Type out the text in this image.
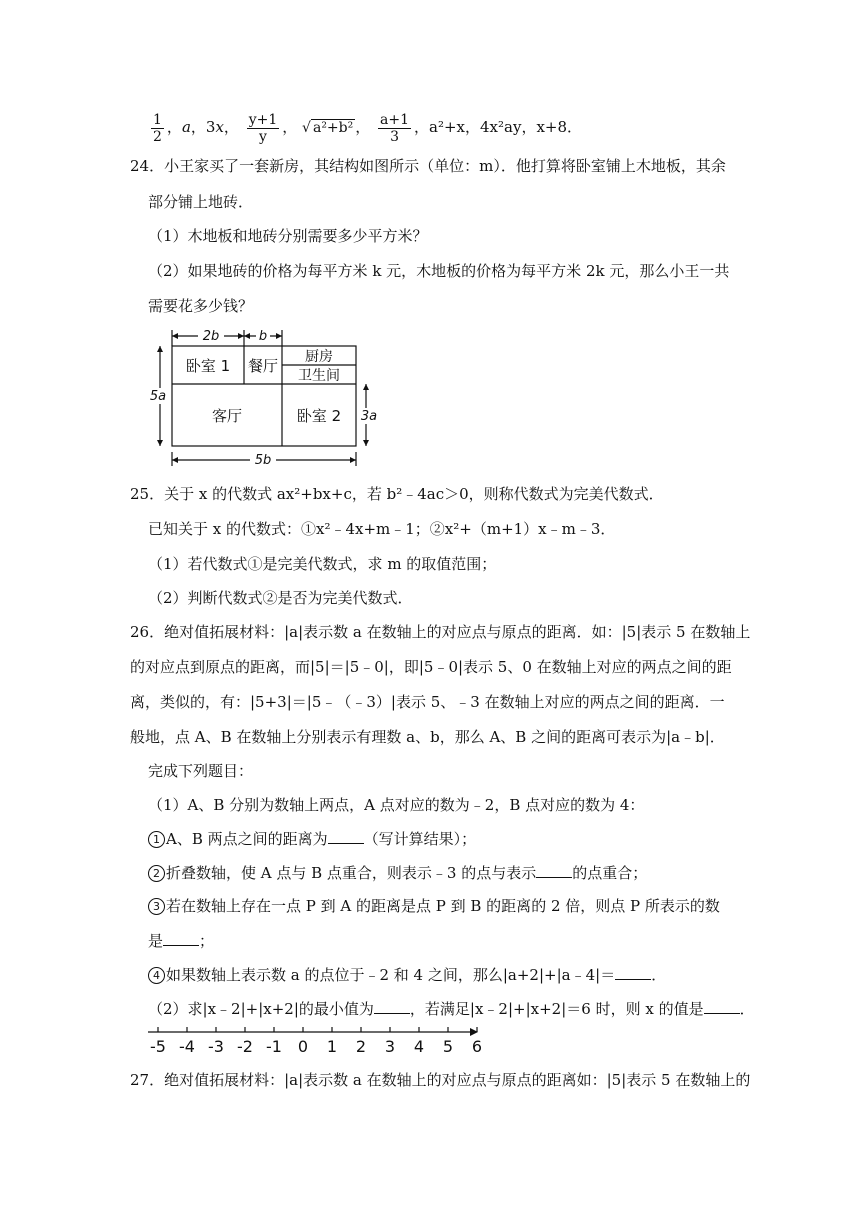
$\frac{1}{2}$ ，a，3x， $\frac{y+1}{y}$ ， √ a²+b² ， $\frac{a+1}{3}$ ，a²+x，4x²ay，x+8．
24．小王家买了一套新房，其结构如图所示（单位：m）．他打算将卧室铺上木地板，其余
部分铺上地砖．
（1）木地板和地砖分别需要多少平方米？
（2）如果地砖的价格为每平方米 k 元，木地板的价格为每平方米 2k 元，那么小王一共
需要花多少钱？
2b	b
5a
3a
5b
卧室 1 餐厅 厨房
卫生间
客厅	卧室 2
25．关于 x 的代数式 ax²+bx+c，若 b²﹣4ac＞0，则称代数式为完美代数式．
已知关于 x 的代数式：①x²﹣4x+m﹣1；②x²+（m+1）x﹣m﹣3．
（1）若代数式①是完美代数式，求 m 的取值范围；
（2）判断代数式②是否为完美代数式．
26．绝对值拓展材料：|a|表示数 a 在数轴上的对应点与原点的距离．如：|5|表示 5 在数轴上
的对应点到原点的距离，而|5|＝|5﹣0|，即|5﹣0|表示 5、0 在数轴上对应的两点之间的距
离，类似的，有：|5+3|＝|5﹣（﹣3）|表示 5、﹣3 在数轴上对应的两点之间的距离．一
般地，点 A、B 在数轴上分别表示有理数 a、b，那么 A、B 之间的距离可表示为|a﹣b|．
完成下列题目：
（1）A、B 分别为数轴上两点，A 点对应的数为﹣2，B 点对应的数为 4：
1 A、B 两点之间的距离为 （写计算结果）；
2 折叠数轴，使 A 点与 B 点重合，则表示﹣3 的点与表示 的点重合；
3 若在数轴上存在一点 P 到 A 的距离是点 P 到 B 的距离的 2 倍，则点 P 所表示的数
是 ；
4 如果数轴上表示数 a 的点位于﹣2 和 4 之间，那么|a+2|+|a﹣4|＝ ．
（2）求|x﹣2|+|x+2|的最小值为 ，若满足|x﹣2|+|x+2|＝6 时，则 x 的值是 ．
-5 -4 -3 -2 -1 0 1 2 3 4 5 6
27．绝对值拓展材料：|a|表示数 a 在数轴上的对应点与原点的距离如：|5|表示 5 在数轴上的
